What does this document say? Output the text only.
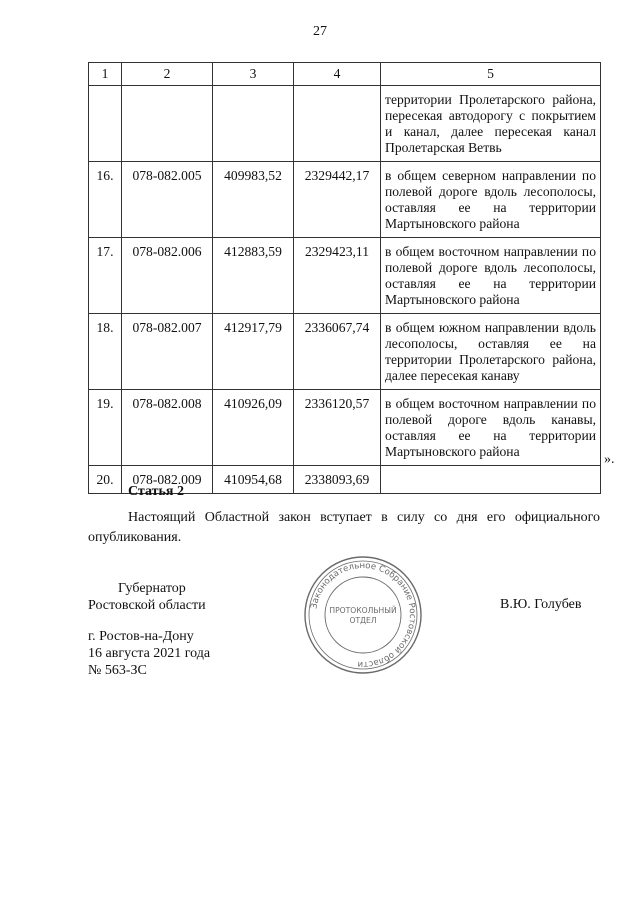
27
1	2	3	4	5
				территории Пролетарского района, пересекая автодорогу с покрытием и канал, далее пересекая канал Пролетарская Ветвь
16.	078-082.005	409983,52	2329442,17	в общем северном направлении по полевой дороге вдоль лесополосы, оставляя ее на территории Мартыновского района
17.	078-082.006	412883,59	2329423,11	в общем восточном направлении по полевой дороге вдоль лесополосы, оставляя ее на территории Мартыновского района
18.	078-082.007	412917,79	2336067,74	в общем южном направлении вдоль лесополосы, оставляя ее на территории Пролетарского района, далее пересекая канаву
19.	078-082.008	410926,09	2336120,57	в общем восточном направлении по полевой дороге вдоль канавы, оставляя ее на территории Мартыновского района
20.	078-082.009	410954,68	2338093,69	
».
Статья 2
Настоящий Областной закон вступает в силу со дня его официального опубликования.
Губернатор
Ростовской области	В.Ю. Голубев
г. Ростов-на-Дону
16 августа 2021 года
№ 563-ЗС
Законодательное Собрание Ростовской области
ПРОТОКОЛЬНЫЙ
ОТДЕЛ
